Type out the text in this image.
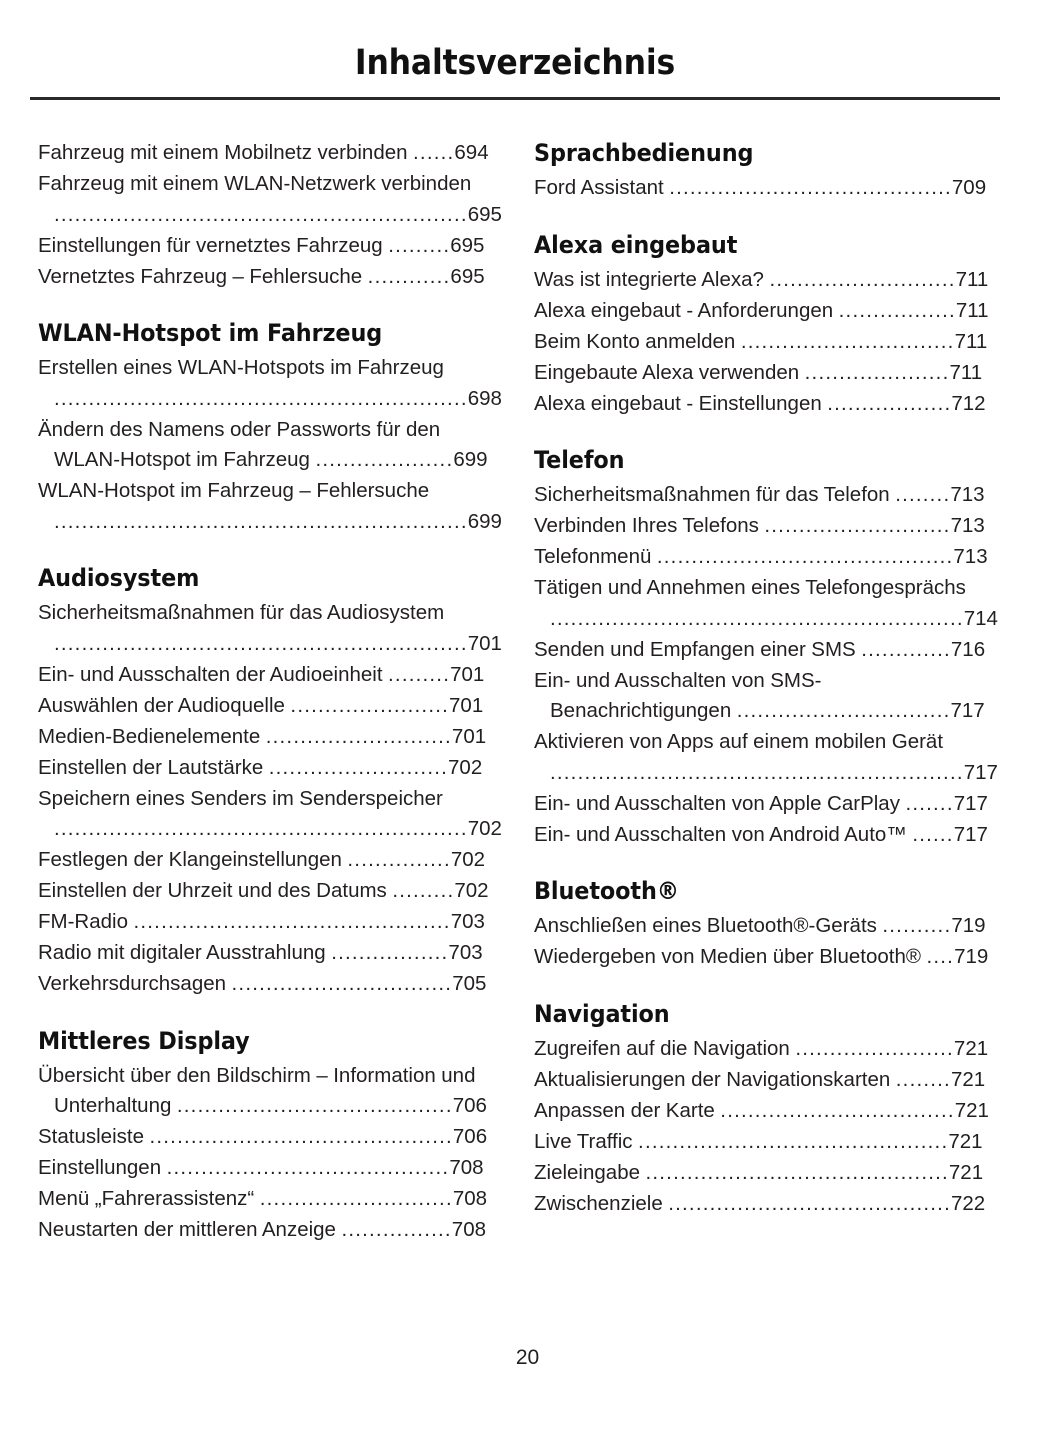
Inhaltsverzeichnis
Fahrzeug mit einem Mobilnetz verbinden ......694
Fahrzeug mit einem WLAN-Netzwerk verbinden
............................................................695
Einstellungen für vernetztes Fahrzeug .........695
Vernetztes Fahrzeug – Fehlersuche ............695
WLAN-Hotspot im Fahrzeug
Erstellen eines WLAN-Hotspots im Fahrzeug
............................................................698
Ändern des Namens oder Passworts für den WLAN-Hotspot im Fahrzeug ....................699
WLAN-Hotspot im Fahrzeug – Fehlersuche
............................................................699
Audiosystem
Sicherheitsmaßnahmen für das Audiosystem
............................................................701
Ein- und Ausschalten der Audioeinheit .........701
Auswählen der Audioquelle .......................701
Medien-Bedienelemente ...........................701
Einstellen der Lautstärke ..........................702
Speichern eines Senders im Senderspeicher
............................................................702
Festlegen der Klangeinstellungen ...............702
Einstellen der Uhrzeit und des Datums .........702
FM-Radio ..............................................703
Radio mit digitaler Ausstrahlung .................703
Verkehrsdurchsagen ................................705
Mittleres Display
Übersicht über den Bildschirm – Information und Unterhaltung ........................................706
Statusleiste ............................................706
Einstellungen .........................................708
Menü „Fahrerassistenz“ ............................708
Neustarten der mittleren Anzeige ................708
Sprachbedienung
Ford Assistant .........................................709
Alexa eingebaut
Was ist integrierte Alexa? ...........................711
Alexa eingebaut - Anforderungen .................711
Beim Konto anmelden ...............................711
Eingebaute Alexa verwenden .....................711
Alexa eingebaut - Einstellungen ..................712
Telefon
Sicherheitsmaßnahmen für das Telefon ........713
Verbinden Ihres Telefons ...........................713
Telefonmenü ...........................................713
Tätigen und Annehmen eines Telefongesprächs
............................................................714
Senden und Empfangen einer SMS .............716
Ein- und Ausschalten von SMS-Benachrichtigungen ...............................717
Aktivieren von Apps auf einem mobilen Gerät
............................................................717
Ein- und Ausschalten von Apple CarPlay .......717
Ein- und Ausschalten von Android Auto™ ......717
Bluetooth®
Anschließen eines Bluetooth®-Geräts ..........719
Wiedergeben von Medien über Bluetooth® ....719
Navigation
Zugreifen auf die Navigation .......................721
Aktualisierungen der Navigationskarten ........721
Anpassen der Karte ..................................721
Live Traffic .............................................721
Zieleingabe ............................................721
Zwischenziele .........................................722
20
